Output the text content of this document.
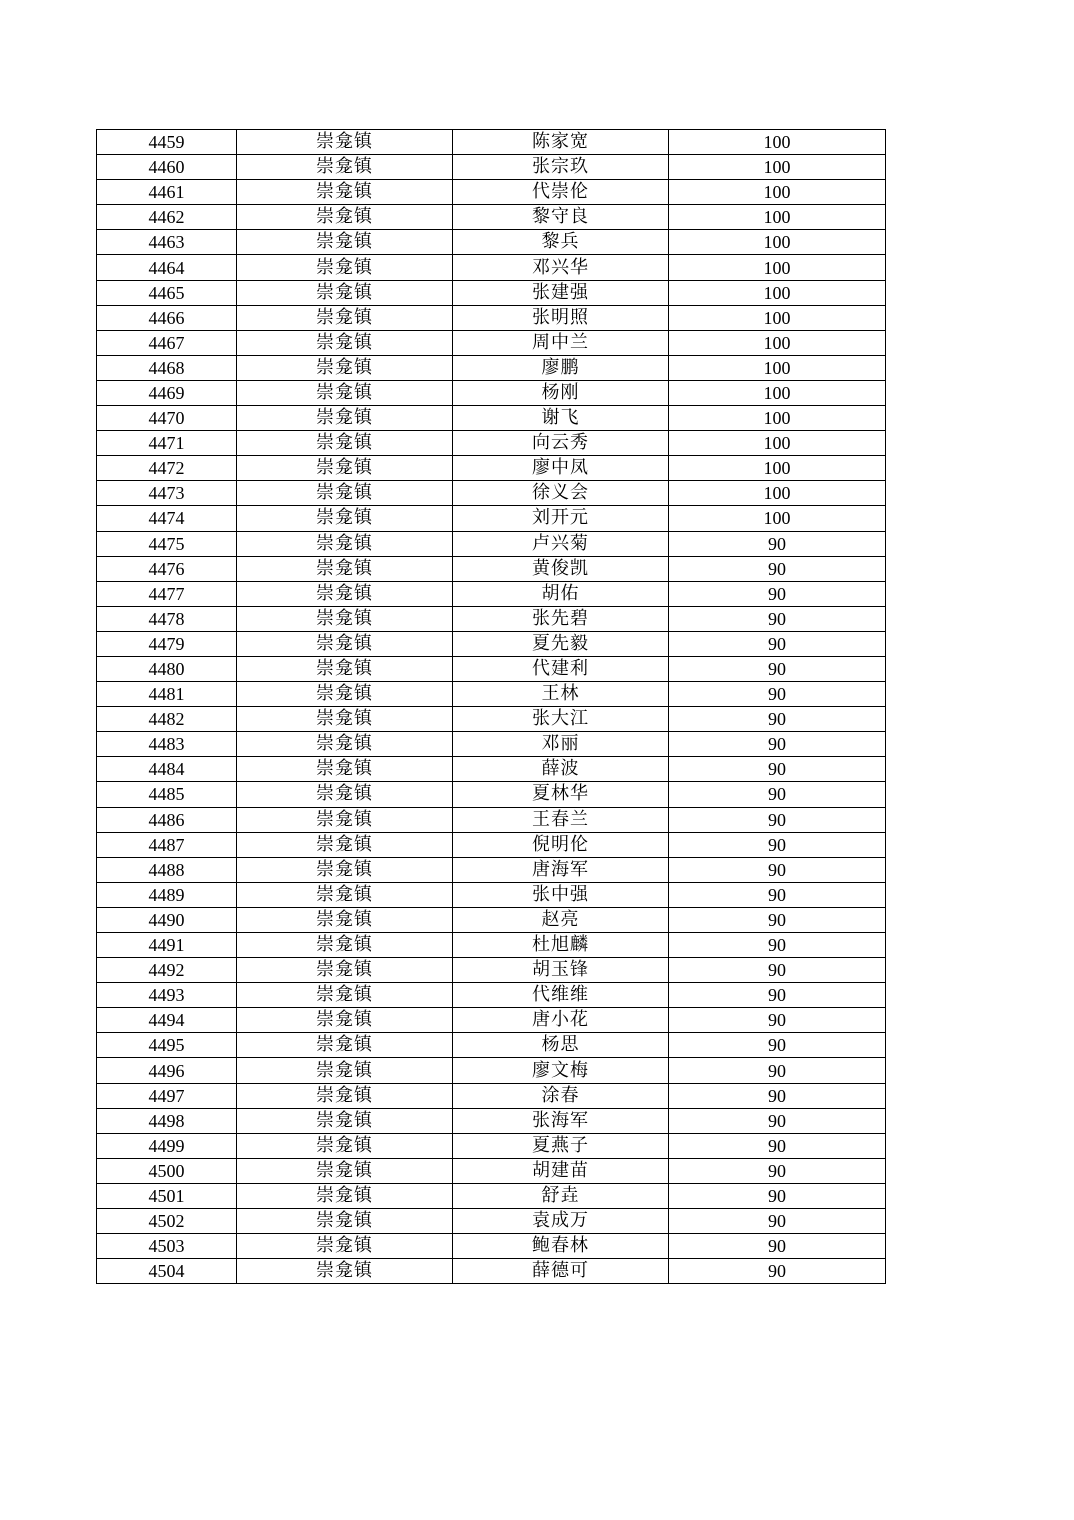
4459	崇龛镇	陈家宽	100
4460	崇龛镇	张宗玖	100
4461	崇龛镇	代崇伦	100
4462	崇龛镇	黎守良	100
4463	崇龛镇	黎兵	100
4464	崇龛镇	邓兴华	100
4465	崇龛镇	张建强	100
4466	崇龛镇	张明照	100
4467	崇龛镇	周中兰	100
4468	崇龛镇	廖鹏	100
4469	崇龛镇	杨刚	100
4470	崇龛镇	谢飞	100
4471	崇龛镇	向云秀	100
4472	崇龛镇	廖中凤	100
4473	崇龛镇	徐义会	100
4474	崇龛镇	刘开元	100
4475	崇龛镇	卢兴菊	90
4476	崇龛镇	黄俊凯	90
4477	崇龛镇	胡佑	90
4478	崇龛镇	张先碧	90
4479	崇龛镇	夏先毅	90
4480	崇龛镇	代建利	90
4481	崇龛镇	王林	90
4482	崇龛镇	张大江	90
4483	崇龛镇	邓丽	90
4484	崇龛镇	薛波	90
4485	崇龛镇	夏林华	90
4486	崇龛镇	王春兰	90
4487	崇龛镇	倪明伦	90
4488	崇龛镇	唐海军	90
4489	崇龛镇	张中强	90
4490	崇龛镇	赵亮	90
4491	崇龛镇	杜旭麟	90
4492	崇龛镇	胡玉锋	90
4493	崇龛镇	代维维	90
4494	崇龛镇	唐小花	90
4495	崇龛镇	杨思	90
4496	崇龛镇	廖文梅	90
4497	崇龛镇	涂春	90
4498	崇龛镇	张海军	90
4499	崇龛镇	夏燕子	90
4500	崇龛镇	胡建苗	90
4501	崇龛镇	舒垚	90
4502	崇龛镇	袁成万	90
4503	崇龛镇	鲍春林	90
4504	崇龛镇	薛德可	90
